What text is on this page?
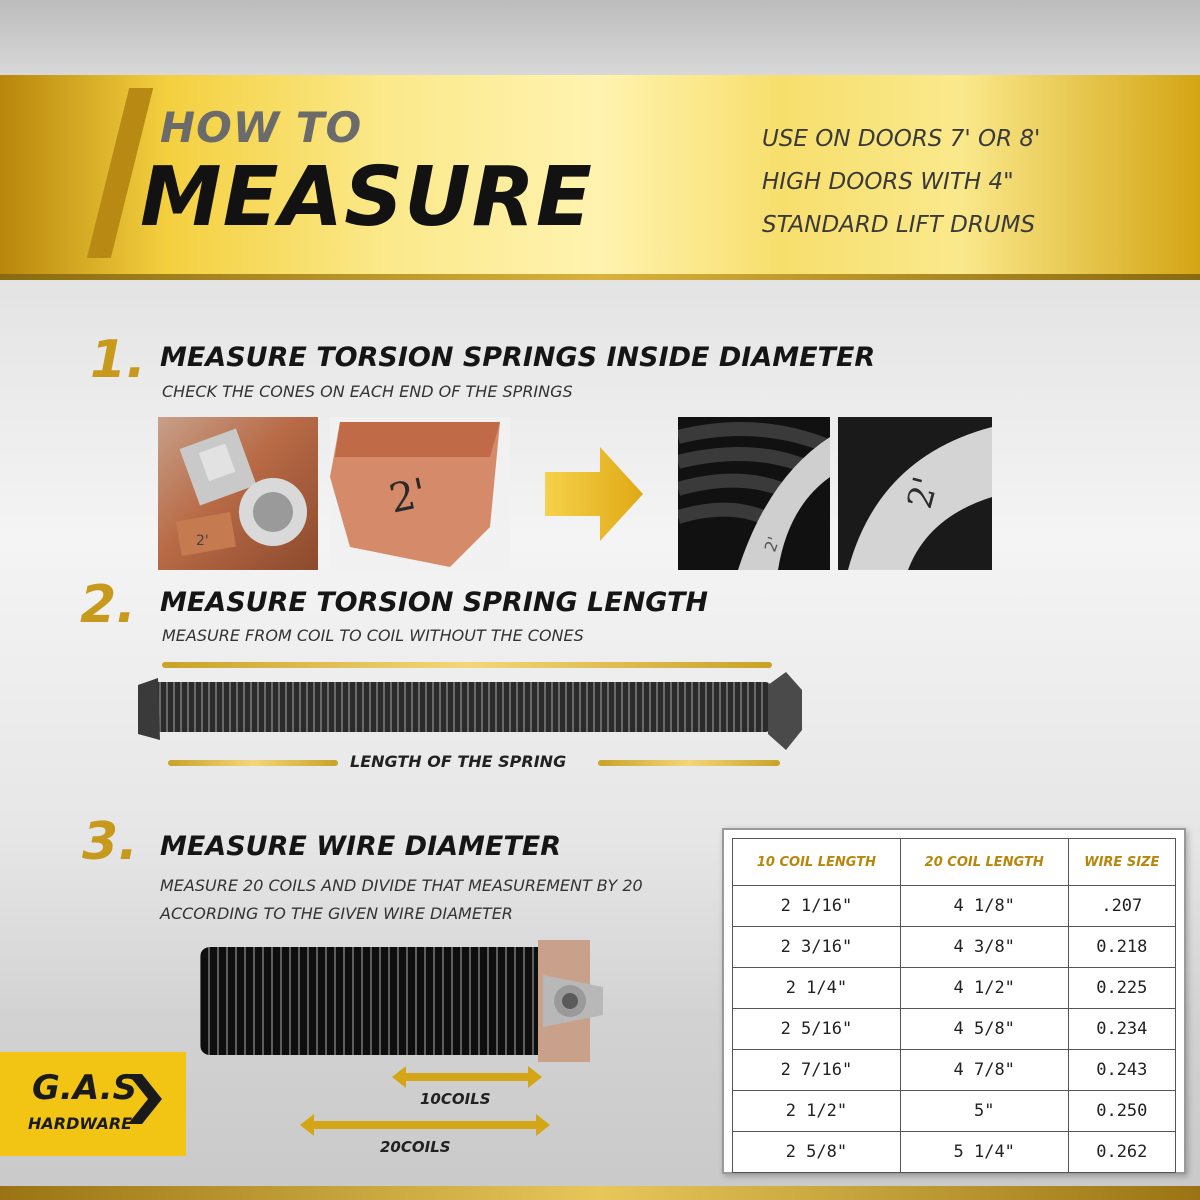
HOW TO
MEASURE
USE ON DOORS 7' OR 8'
HIGH DOORS WITH 4"
STANDARD LIFT DRUMS
1. MEASURE TORSION SPRINGS INSIDE DIAMETER
CHECK THE CONES ON EACH END OF THE SPRINGS
2'
2'
2'
2'
2. MEASURE TORSION SPRING LENGTH
MEASURE FROM COIL TO COIL WITHOUT THE CONES
LENGTH OF THE SPRING
3. MEASURE WIRE DIAMETER
MEASURE 20 COILS AND DIVIDE THAT MEASUREMENT BY 20
ACCORDING TO THE GIVEN WIRE DIAMETER
10COILS
20COILS
10 COIL LENGTH	20 COIL LENGTH	WIRE SIZE
2 1/16"	4 1/8"	.207
2 3/16"	4 3/8"	0.218
2 1/4"	4 1/2"	0.225
2 5/16"	4 5/8"	0.234
2 7/16"	4 7/8"	0.243
2 1/2"	5"	0.250
2 5/8"	5 1/4"	0.262
G.A.S
HARDWARE
